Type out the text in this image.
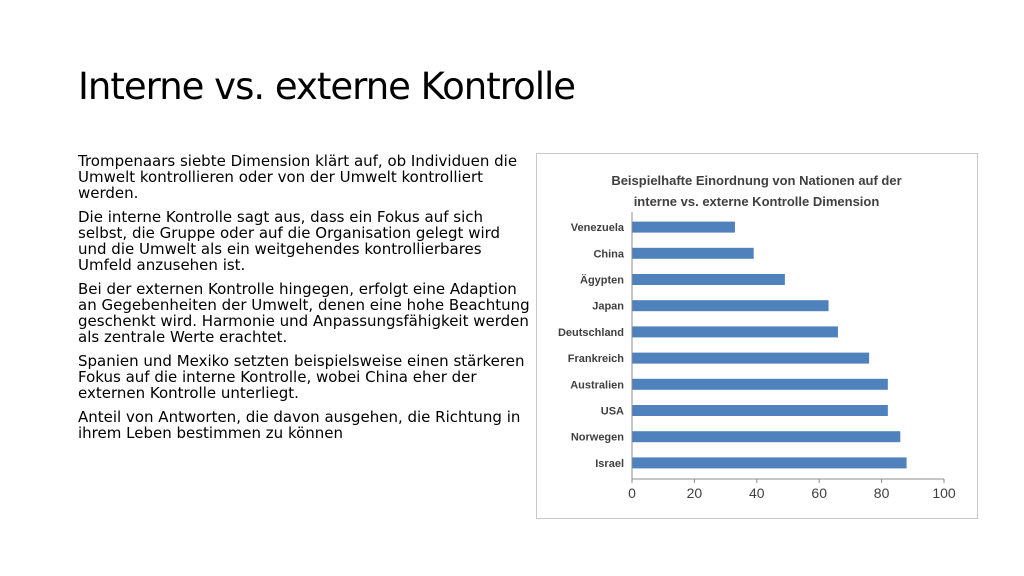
Interne vs. externe Kontrolle

Trompenaars siebte Dimension klärt auf, ob Individuen die Umwelt kontrollieren oder von der Umwelt kontrolliert werden.

Die interne Kontrolle sagt aus, dass ein Fokus auf sich selbst, die Gruppe oder auf die Organisation gelegt wird und die Umwelt als ein weitgehendes kontrollierbares Umfeld anzusehen ist.

Bei der externen Kontrolle hingegen, erfolgt eine Adaption an Gegebenheiten der Umwelt, denen eine hohe Beachtung geschenkt wird. Harmonie und Anpassungsfähigkeit werden als zentrale Werte erachtet.

Spanien und Mexiko setzten beispielsweise einen stärkeren Fokus auf die interne Kontrolle, wobei China eher der externen Kontrolle unterliegt.

Anteil von Antworten, die davon ausgehen, die Richtung in ihrem Leben bestimmen zu können

Beispielhafte Einordnung von Nationen auf der
interne vs. externe Kontrolle Dimension
Venezuela
China
Ägypten
Japan
Deutschland
Frankreich
Australien
USA
Norwegen
Israel
0	20	40	60	80	100
